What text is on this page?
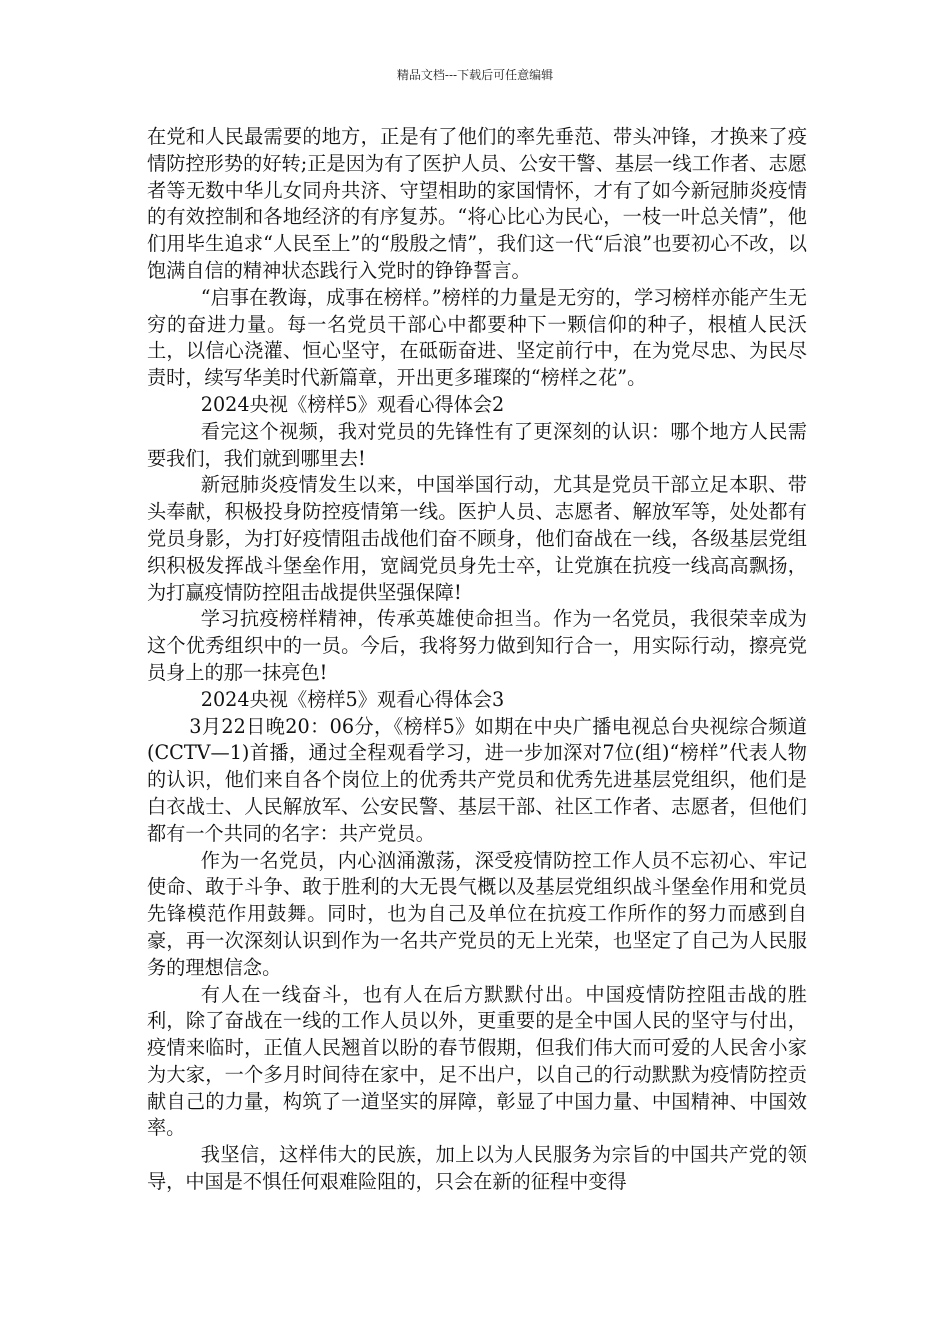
精品文档---下载后可任意编辑

在党和人民最需要的地方，正是有了他们的率先垂范、带头冲锋，才换来了疫情防控形势的好转;正是因为有了医护人员、公安干警、基层一线工作者、志愿者等无数中华儿女同舟共济、守望相助的家国情怀，才有了如今新冠肺炎疫情的有效控制和各地经济的有序复苏。“将心比心为民心，一枝一叶总关情”，他们用毕生追求“人民至上”的“殷殷之情”，我们这一代“后浪”也要初心不改，以饱满自信的精神状态践行入党时的铮铮誓言。

“启事在教诲，成事在榜样。”榜样的力量是无穷的，学习榜样亦能产生无穷的奋进力量。每一名党员干部心中都要种下一颗信仰的种子，根植人民沃土，以信心浇灌、恒心坚守，在砥砺奋进、坚定前行中，在为党尽忠、为民尽责时，续写华美时代新篇章，开出更多璀璨的“榜样之花”。

2024央视《榜样5》观看心得体会2

看完这个视频，我对党员的先锋性有了更深刻的认识：哪个地方人民需要我们，我们就到哪里去!

新冠肺炎疫情发生以来，中国举国行动，尤其是党员干部立足本职、带头奉献，积极投身防控疫情第一线。医护人员、志愿者、解放军等，处处都有党员身影，为打好疫情阻击战他们奋不顾身，他们奋战在一线，各级基层党组织积极发挥战斗堡垒作用，宽阔党员身先士卒，让党旗在抗疫一线高高飘扬，为打赢疫情防控阻击战提供坚强保障!

学习抗疫榜样精神，传承英雄使命担当。作为一名党员，我很荣幸成为这个优秀组织中的一员。今后，我将努力做到知行合一，用实际行动，擦亮党员身上的那一抹亮色!

2024央视《榜样5》观看心得体会3

3月22日晚20：06分，《榜样5》如期在中央广播电视总台央视综合频道(CCTV—1)首播，通过全程观看学习，进一步加深对7位(组)“榜样”代表人物的认识，他们来自各个岗位上的优秀共产党员和优秀先进基层党组织，他们是白衣战士、人民解放军、公安民警、基层干部、社区工作者、志愿者，但他们都有一个共同的名字：共产党员。

作为一名党员，内心汹涌激荡，深受疫情防控工作人员不忘初心、牢记使命、敢于斗争、敢于胜利的大无畏气概以及基层党组织战斗堡垒作用和党员先锋模范作用鼓舞。同时，也为自己及单位在抗疫工作所作的努力而感到自豪，再一次深刻认识到作为一名共产党员的无上光荣，也坚定了自己为人民服务的理想信念。

有人在一线奋斗，也有人在后方默默付出。中国疫情防控阻击战的胜利，除了奋战在一线的工作人员以外，更重要的是全中国人民的坚守与付出，疫情来临时，正值人民翘首以盼的春节假期，但我们伟大而可爱的人民舍小家为大家，一个多月时间待在家中，足不出户，以自己的行动默默为疫情防控贡献自己的力量，构筑了一道坚实的屏障，彰显了中国力量、中国精神、中国效率。

我坚信，这样伟大的民族，加上以为人民服务为宗旨的中国共产党的领导，中国是不惧任何艰难险阻的，只会在新的征程中变得
